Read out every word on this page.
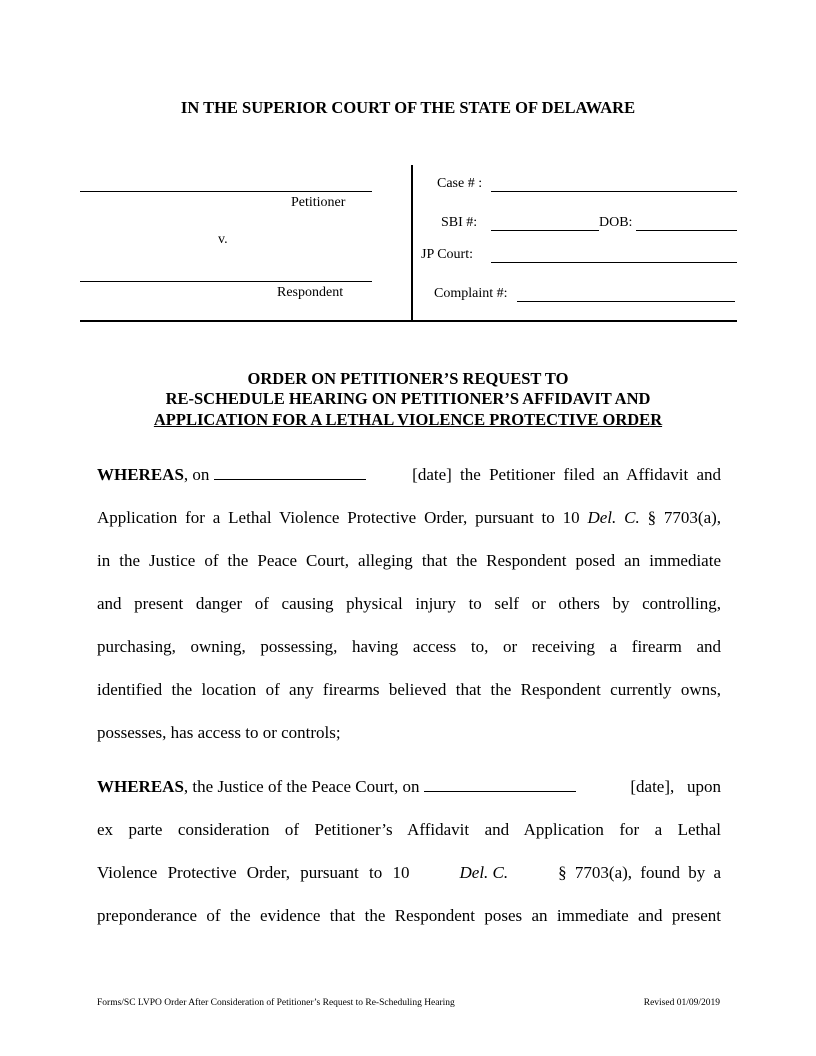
IN THE SUPERIOR COURT OF THE STATE OF DELAWARE
Petitioner
v.
Respondent
Case # :
SBI #:	DOB:
JP Court:
Complaint #:
ORDER ON PETITIONER’S REQUEST TO
RE-SCHEDULE HEARING ON PETITIONER’S AFFIDAVIT AND
APPLICATION FOR A LETHAL VIOLENCE PROTECTIVE ORDER
WHEREAS, on	[date] the Petitioner filed an Affidavit and
Application for a Lethal Violence Protective Order, pursuant to 10 Del. C. § 7703(a),
in the Justice of the Peace Court, alleging that the Respondent posed an immediate
and present danger of causing physical injury to self or others by controlling,
purchasing, owning, possessing, having access to, or receiving a firearm and
identified the location of any firearms believed that the Respondent currently owns,
possesses, has access to or controls;
WHEREAS, the Justice of the Peace Court, on	[date],   upon
ex parte consideration of Petitioner’s Affidavit and Application for a Lethal
Violence Protective Order, pursuant to 10	Del. C.	§ 7703(a), found by a
preponderance of the evidence that the Respondent poses an immediate and present
Forms/SC LVPO Order After Consideration of Petitioner’s Request to Re-Scheduling Hearing	Revised 01/09/2019
